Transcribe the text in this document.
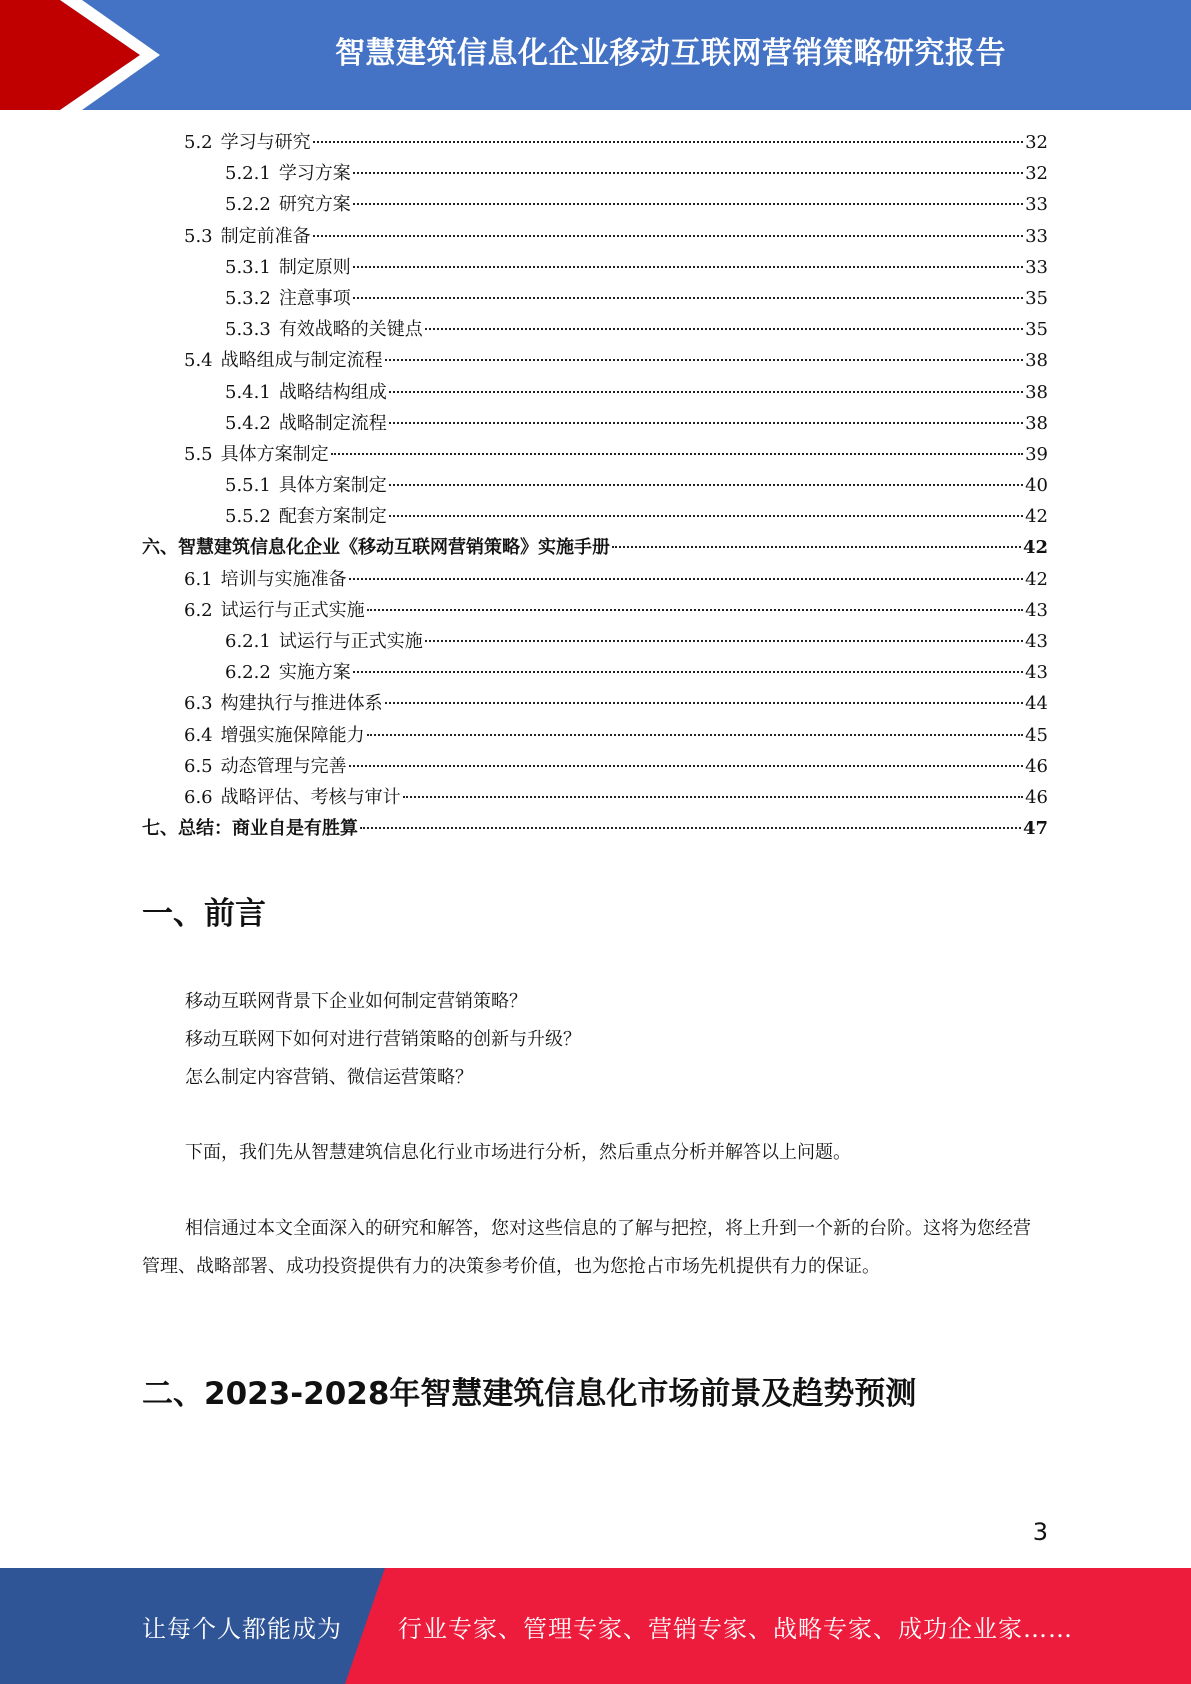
智慧建筑信息化企业移动互联网营销策略研究报告
5.2 学习与研究	32
5.2.1 学习方案	32
5.2.2 研究方案	33
5.3 制定前准备	33
5.3.1 制定原则	33
5.3.2 注意事项	35
5.3.3 有效战略的关键点	35
5.4 战略组成与制定流程	38
5.4.1 战略结构组成	38
5.4.2 战略制定流程	38
5.5 具体方案制定	39
5.5.1 具体方案制定	40
5.5.2 配套方案制定	42
六、智慧建筑信息化企业《移动互联网营销策略》实施手册	42
6.1 培训与实施准备	42
6.2 试运行与正式实施	43
6.2.1 试运行与正式实施	43
6.2.2 实施方案	43
6.3 构建执行与推进体系	44
6.4 增强实施保障能力	45
6.5 动态管理与完善	46
6.6 战略评估、考核与审计	46
七、总结：商业自是有胜算	47
一、前言
移动互联网背景下企业如何制定营销策略？
移动互联网下如何对进行营销策略的创新与升级？
怎么制定内容营销、微信运营策略？

下面，我们先从智慧建筑信息化行业市场进行分析，然后重点分析并解答以上问题。

相信通过本文全面深入的研究和解答，您对这些信息的了解与把控，将上升到一个新的台阶。这将为您经营管理、战略部署、成功投资提供有力的决策参考价值，也为您抢占市场先机提供有力的保证。

二、2023-2028年智慧建筑信息化市场前景及趋势预测
3
让每个人都能成为 行业专家、管理专家、营销专家、战略专家、成功企业家……
